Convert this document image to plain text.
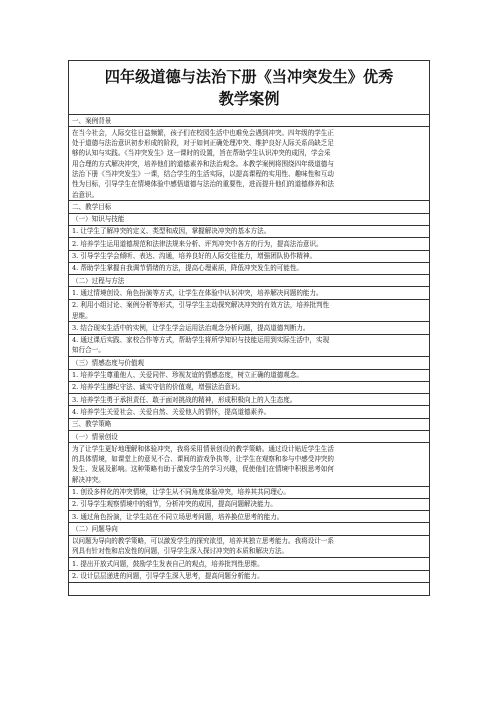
四年级道德与法治下册《当冲突发生》优秀
教学案例
一、案例背景
在当今社会，人际交往日益频繁，孩子们在校园生活中也难免会遇到冲突。四年级的学生正
处于道德与法治意识初步形成的阶段，对于如何正确处理冲突、维护良好人际关系尚缺乏足
够的认知与实践。《当冲突发生》这一课时的设置，旨在帮助学生认识冲突的成因，学会采
用合理的方式解决冲突，培养他们的道德素养和法治观念。本教学案例将围绕四年级道德与
法治下册《当冲突发生》一课，结合学生的生活实际，以提高课程的实用性、趣味性和互动
性为目标，引导学生在情境体验中感悟道德与法治的重要性，进而提升他们的道德修养和法
治意识。
二、教学目标
（一）知识与技能
1. 让学生了解冲突的定义、类型和成因，掌握解决冲突的基本方法。
2. 培养学生运用道德规范和法律法规来分析、评判冲突中各方的行为，提高法治意识。
3. 引导学生学会倾听、表达、沟通，培养良好的人际交往能力，增强团队协作精神。
4. 帮助学生掌握自我调节情绪的方法，提高心理素质，降低冲突发生的可能性。
（二）过程与方法
1. 通过情境创设、角色扮演等方式，让学生在体验中认识冲突，培养解决问题的能力。
2. 利用小组讨论、案例分析等形式，引导学生主动探究解决冲突的有效方法，培养批判性
思维。
3. 结合现实生活中的实例，让学生学会运用法治观念分析问题，提高道德判断力。
4. 通过课后实践、家校合作等方式，帮助学生将所学知识与技能运用到实际生活中，实现
知行合一。
（三）情感态度与价值观
1. 培养学生尊重他人、关爱同伴、珍视友谊的情感态度，树立正确的道德观念。
2. 培养学生遵纪守法、诚实守信的价值观，增强法治意识。
3. 培养学生勇于承担责任、敢于面对挑战的精神，形成积极向上的人生态度。
4. 培养学生关爱社会、关爱自然、关爱他人的情怀，提高道德素养。
三、教学策略
（一）情景创设
为了让学生更好地理解和体验冲突，我将采用情景创设的教学策略。通过设计贴近学生生活
的具体情境，如课堂上的意见不合、课间的游戏争执等，让学生在观察和参与中感受冲突的
发生、发展及影响。这种策略有助于激发学生的学习兴趣，促使他们在情境中积极思考如何
解决冲突。
1. 创设多样化的冲突情境，让学生从不同角度体验冲突，培养其共同理心。
2. 引导学生观察情境中的细节，分析冲突的成因，提高问题解决能力。
3. 通过角色扮演，让学生站在不同立场思考问题，培养换位思考的能力。
（二）问题导向
以问题为导向的教学策略，可以激发学生的探究欲望，培养其独立思考能力。我将设计一系
列具有针对性和启发性的问题，引导学生深入探讨冲突的本质和解决方法。
1. 提出开放式问题，鼓励学生发表自己的观点，培养批判性思维。
2. 设计层层递进的问题，引导学生深入思考，提高问题分析能力。
